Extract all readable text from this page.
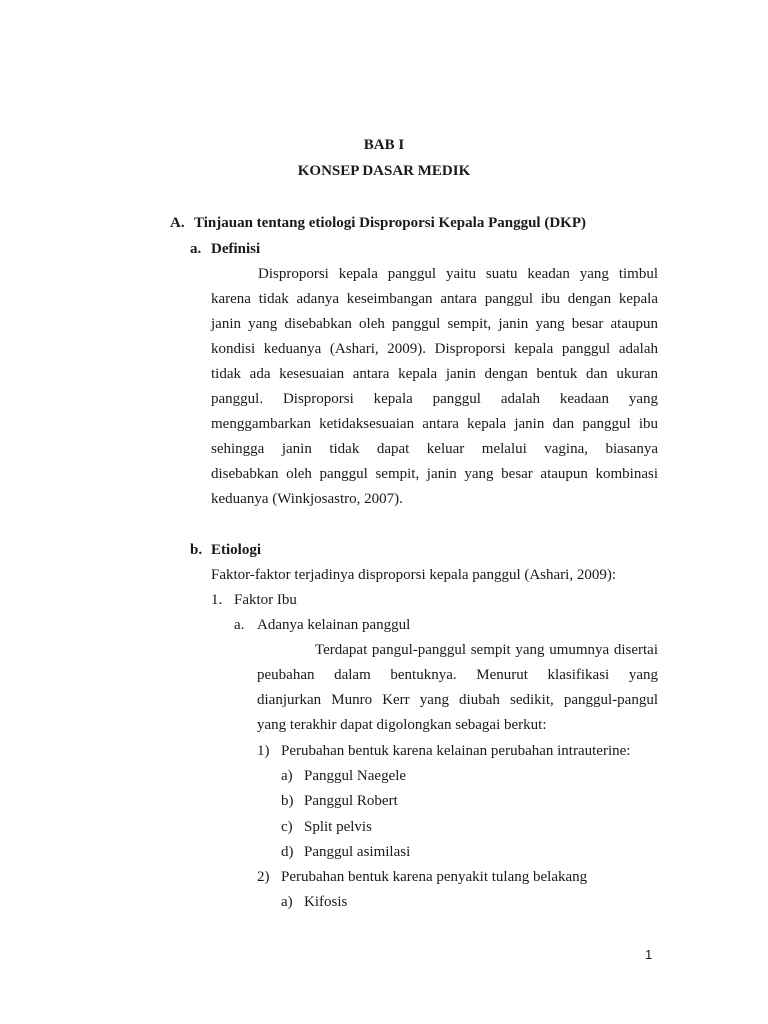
BAB I
KONSEP DASAR MEDIK
A. Tinjauan tentang etiologi Disproporsi Kepala Panggul (DKP)
a. Definisi
Disproporsi kepala panggul yaitu suatu keadan yang timbul
karena tidak adanya keseimbangan antara panggul ibu dengan kepala
janin yang disebabkan oleh panggul sempit, janin yang besar ataupun
kondisi keduanya (Ashari, 2009). Disproporsi kepala panggul adalah
tidak ada kesesuaian antara kepala janin dengan bentuk dan ukuran
panggul. Disproporsi kepala panggul adalah keadaan yang
menggambarkan ketidaksesuaian antara kepala janin dan panggul ibu
sehingga janin tidak dapat keluar melalui vagina, biasanya
disebabkan oleh panggul sempit, janin yang besar ataupun kombinasi
keduanya (Winkjosastro, 2007).
b. Etiologi
Faktor-faktor terjadinya disproporsi kepala panggul (Ashari, 2009):
1. Faktor Ibu
a. Adanya kelainan panggul
Terdapat pangul-panggul sempit yang umumnya disertai
peubahan dalam bentuknya. Menurut klasifikasi yang
dianjurkan Munro Kerr yang diubah sedikit, panggul-pangul
yang terakhir dapat digolongkan sebagai berkut:
1) Perubahan bentuk karena kelainan perubahan intrauterine:
a) Panggul Naegele
b) Panggul Robert
c) Split pelvis
d) Panggul asimilasi
2) Perubahan bentuk karena penyakit tulang belakang
a) Kifosis
1
